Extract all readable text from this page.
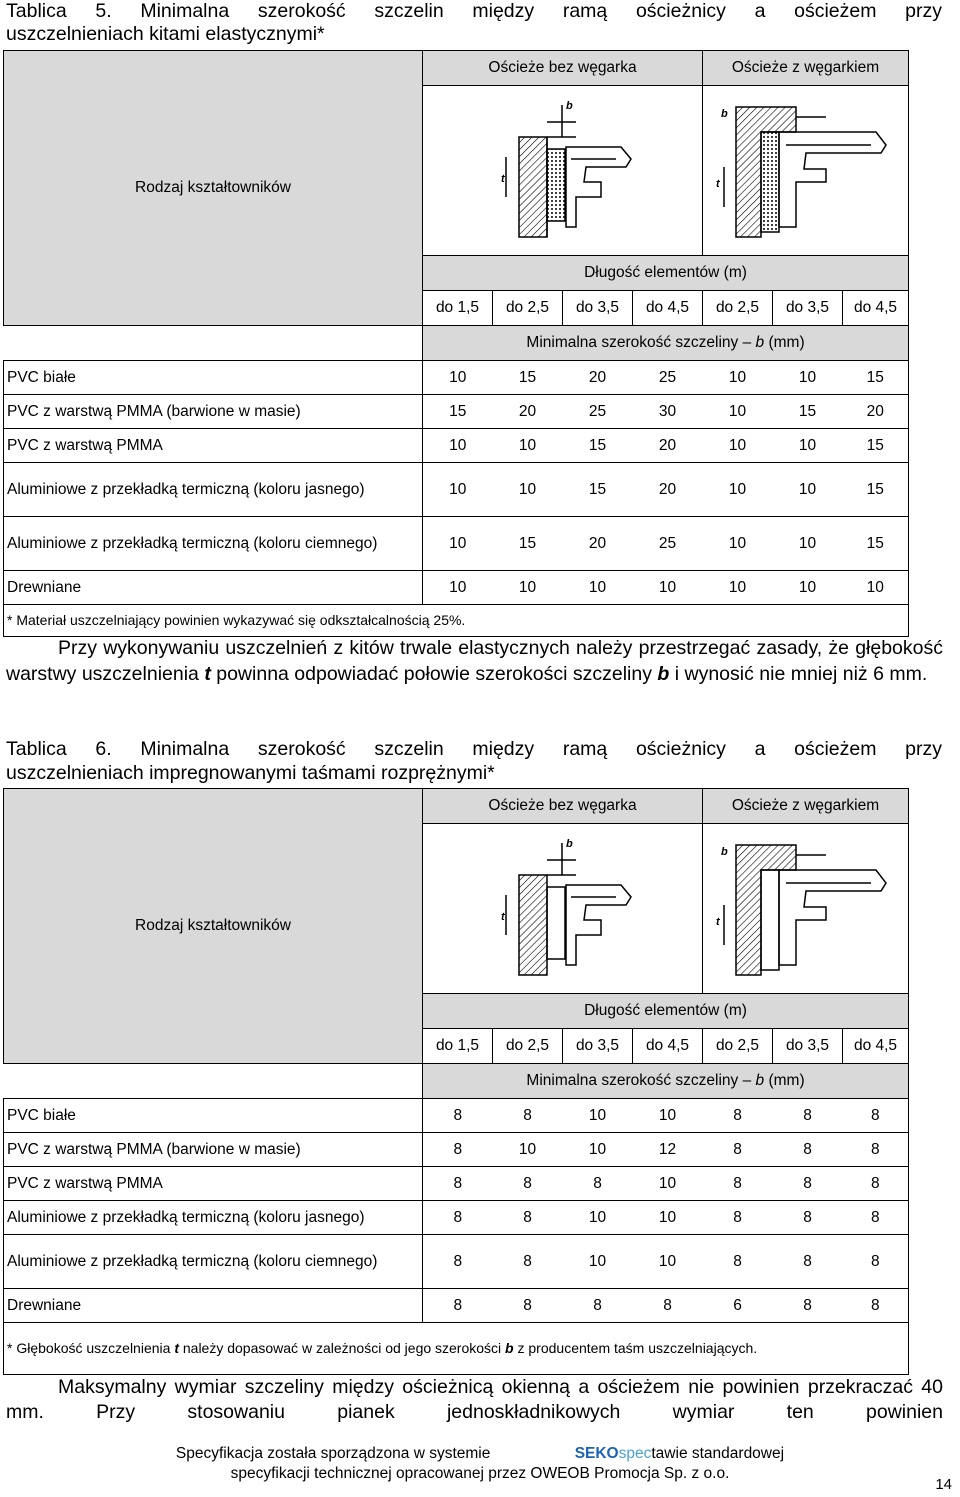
Tablica 5. Minimalna szerokość szczelin między ramą ościeżnicy a ościeżem przy
uszczelnieniach kitami elastycznymi*
Rodzaj kształtowników	Ościeże bez węgarka				Ościeże z węgarkiem		

b
t				b
t		

	Długość elementów (m)						
	do 1,5	do 2,5	do 3,5	do 4,5	do 2,5	do 3,5	do 4,5
	Minimalna szerokość szczeliny – b (mm)						
PVC białe	10	15	20	25	10	10	15
PVC z warstwą PMMA (barwione w masie)	15	20	25	30	10	15	20
PVC z warstwą PMMA	10	10	15	20	10	10	15
Aluminiowe z przekładką termiczną (koloru jasnego)	10	10	15	20	10	10	15
Aluminiowe z przekładką termiczną (koloru ciemnego)	10	15	20	25	10	10	15
Drewniane	10	10	10	10	10	10	10
* Materiał uszczelniający powinien wykazywać się odkształcalnością 25%.							

Przy wykonywaniu uszczelnień z kitów trwale elastycznych należy przestrzegać zasady, że głębokość warstwy uszczelnienia t powinna odpowiadać połowie szerokości szczeliny b i wynosić nie mniej niż 6 mm.

Tablica 6. Minimalna szerokość szczelin między ramą ościeżnicy a ościeżem przy
uszczelnieniach impregnowanymi taśmami rozprężnymi*
Rodzaj kształtowników	Ościeże bez węgarka				Ościeże z węgarkiem		

b
t				b
t		

	Długość elementów (m)						
	do 1,5	do 2,5	do 3,5	do 4,5	do 2,5	do 3,5	do 4,5
	Minimalna szerokość szczeliny – b (mm)						
PVC białe	8	8	10	10	8	8	8
PVC z warstwą PMMA (barwione w masie)	8	10	10	12	8	8	8
PVC z warstwą PMMA	8	8	8	10	8	8	8
Aluminiowe z przekładką termiczną (koloru jasnego)	8	8	10	10	8	8	8
Aluminiowe z przekładką termiczną (koloru ciemnego)	8	8	10	10	8	8	8
Drewniane	8	8	8	8	6	8	8
* Głębokość uszczelnienia t należy dopasować w zależności od jego szerokości b z producentem taśm uszczelniających.							

Maksymalny wymiar szczeliny między ościeżnicą okienną a ościeżem nie powinien przekraczać 40 mm. Przy stosowaniu pianek jednoskładnikowych wymiar ten powinien

Specyfikacja została sporządzona w systemie	SEKOspectawie standardowej
specyfikacji technicznej opracowanej przez OWEOB Promocja Sp. z o.o.
14
